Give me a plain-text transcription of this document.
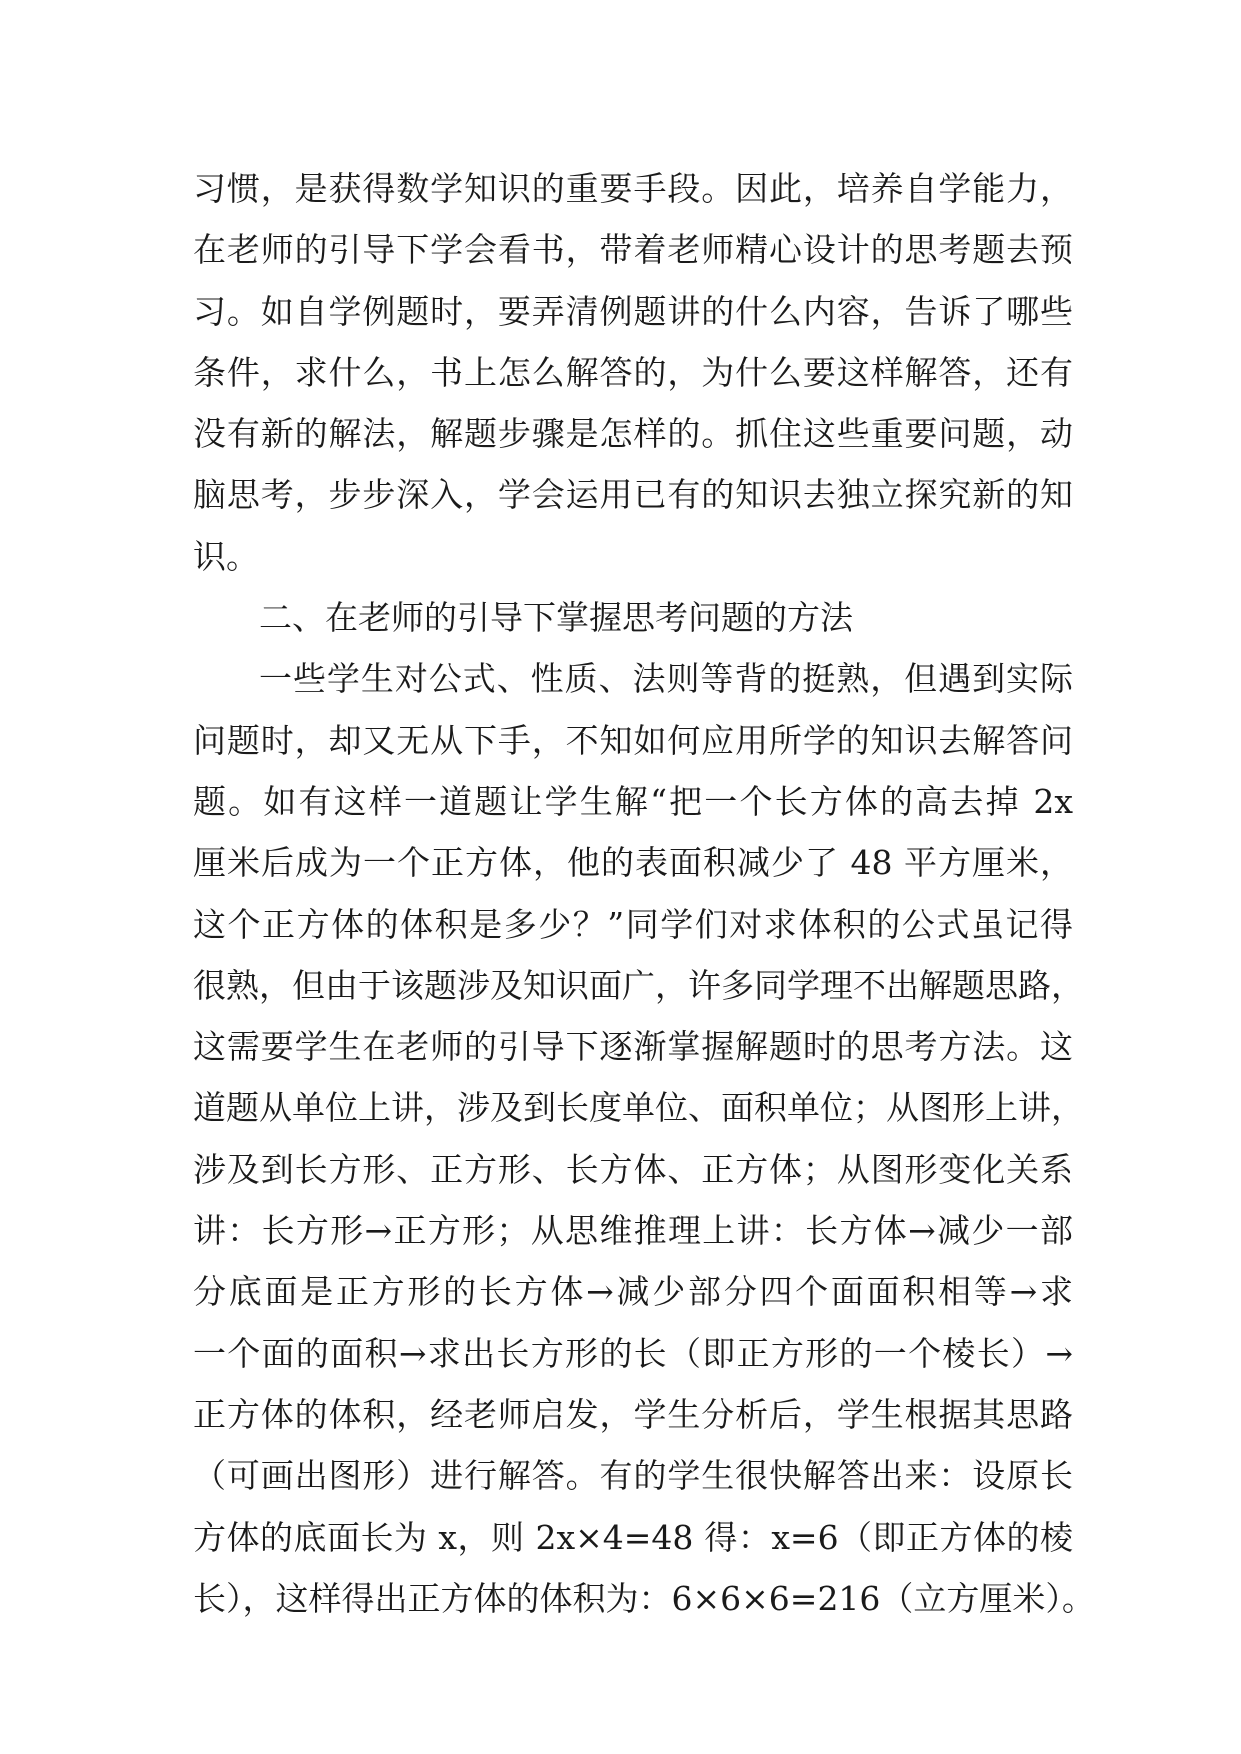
习惯，是获得数学知识的重要手段。因此，培养自学能力，
在老师的引导下学会看书，带着老师精心设计的思考题去预
习。如自学例题时，要弄清例题讲的什么内容，告诉了哪些
条件，求什么，书上怎么解答的，为什么要这样解答，还有
没有新的解法，解题步骤是怎样的。抓住这些重要问题，动
脑思考，步步深入，学会运用已有的知识去独立探究新的知
识。
二、在老师的引导下掌握思考问题的方法
一些学生对公式、性质、法则等背的挺熟，但遇到实际
问题时，却又无从下手，不知如何应用所学的知识去解答问
题。如有这样一道题让学生解“把一个长方体的高去掉 2x
厘米后成为一个正方体，他的表面积减少了 48 平方厘米，
这个正方体的体积是多少？”同学们对求体积的公式虽记得
很熟，但由于该题涉及知识面广，许多同学理不出解题思路，
这需要学生在老师的引导下逐渐掌握解题时的思考方法。这
道题从单位上讲，涉及到长度单位、面积单位；从图形上讲，
涉及到长方形、正方形、长方体、正方体；从图形变化关系
讲：长方形→正方形；从思维推理上讲：长方体→减少一部
分底面是正方形的长方体→减少部分四个面面积相等→求
一个面的面积→求出长方形的长（即正方形的一个棱长）→
正方体的体积，经老师启发，学生分析后，学生根据其思路
（可画出图形）进行解答。有的学生很快解答出来：设原长
方体的底面长为 x，则 2x×4=48 得：x=6（即正方体的棱
长），这样得出正方体的体积为：6×6×6=216（立方厘米）。
